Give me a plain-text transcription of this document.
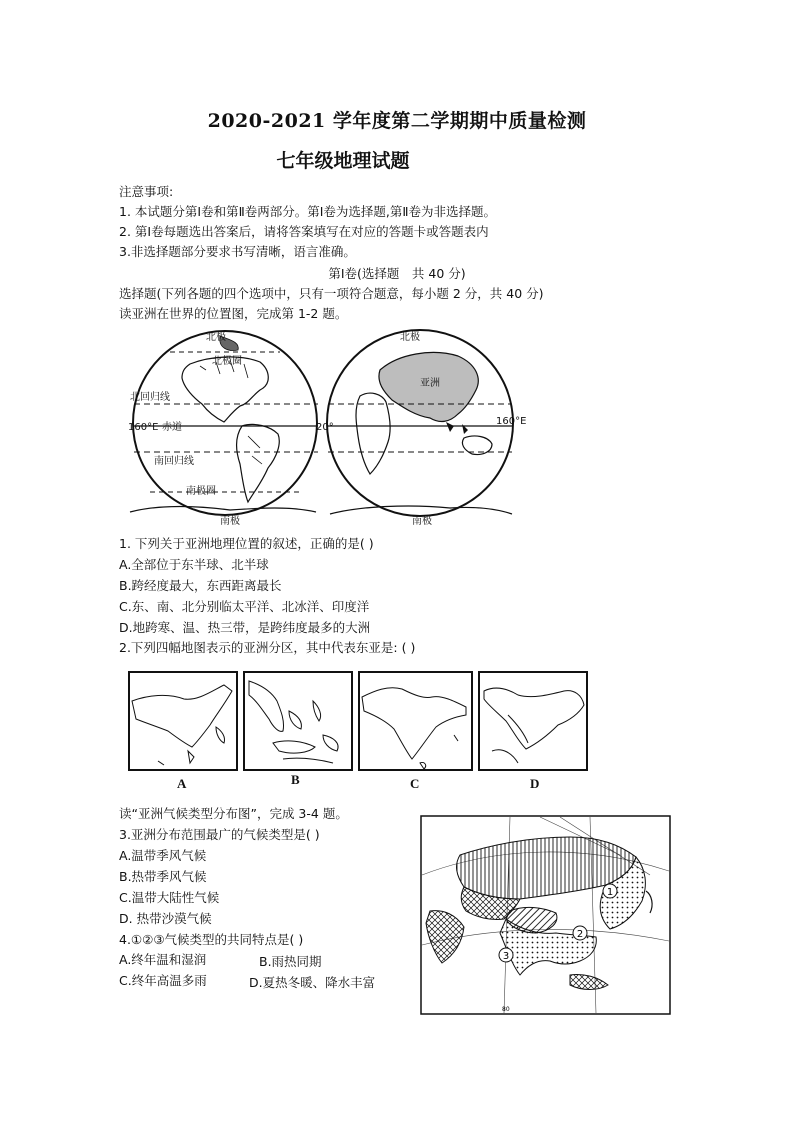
2020-2021 学年度第二学期期中质量检测
七年级地理试题
注意事项:
1. 本试题分第Ⅰ卷和第Ⅱ卷两部分。第Ⅰ卷为选择题,第Ⅱ卷为非选择题。
2. 第Ⅰ卷每题选出答案后，请将答案填写在对应的答题卡或答题表内
3.非选择题部分要求书写清晰，语言准确。
第Ⅰ卷(选择题　共 40 分)
选择题(下列各题的四个选项中，只有一项符合题意，每小题 2 分，共 40 分)
读亚洲在世界的位置图，完成第 1-2 题。
北极
北极圈
北回归线
160°E 赤道	20°
南回归线
南极圈
南极
北极
亚洲
160°E
南极
1. 下列关于亚洲地理位置的叙述，正确的是( )
A.全部位于东半球、北半球
B.跨经度最大，东西距离最长
C.东、南、北分别临太平洋、北冰洋、印度洋
D.地跨寒、温、热三带，是跨纬度最多的大洲
2.下列四幅地图表示的亚洲分区，其中代表东亚是: ( )
A	B	C	D
读“亚洲气候类型分布图”，完成 3-4 题。
3.亚洲分布范围最广的气候类型是( )
A.温带季风气候
B.热带季风气候
C.温带大陆性气候
D. 热带沙漠气候
4.①②③气候类型的共同特点是( )
A.终年温和湿润	B.雨热同期
C.终年高温多雨	D.夏热冬暖、降水丰富
1
2
3
80
